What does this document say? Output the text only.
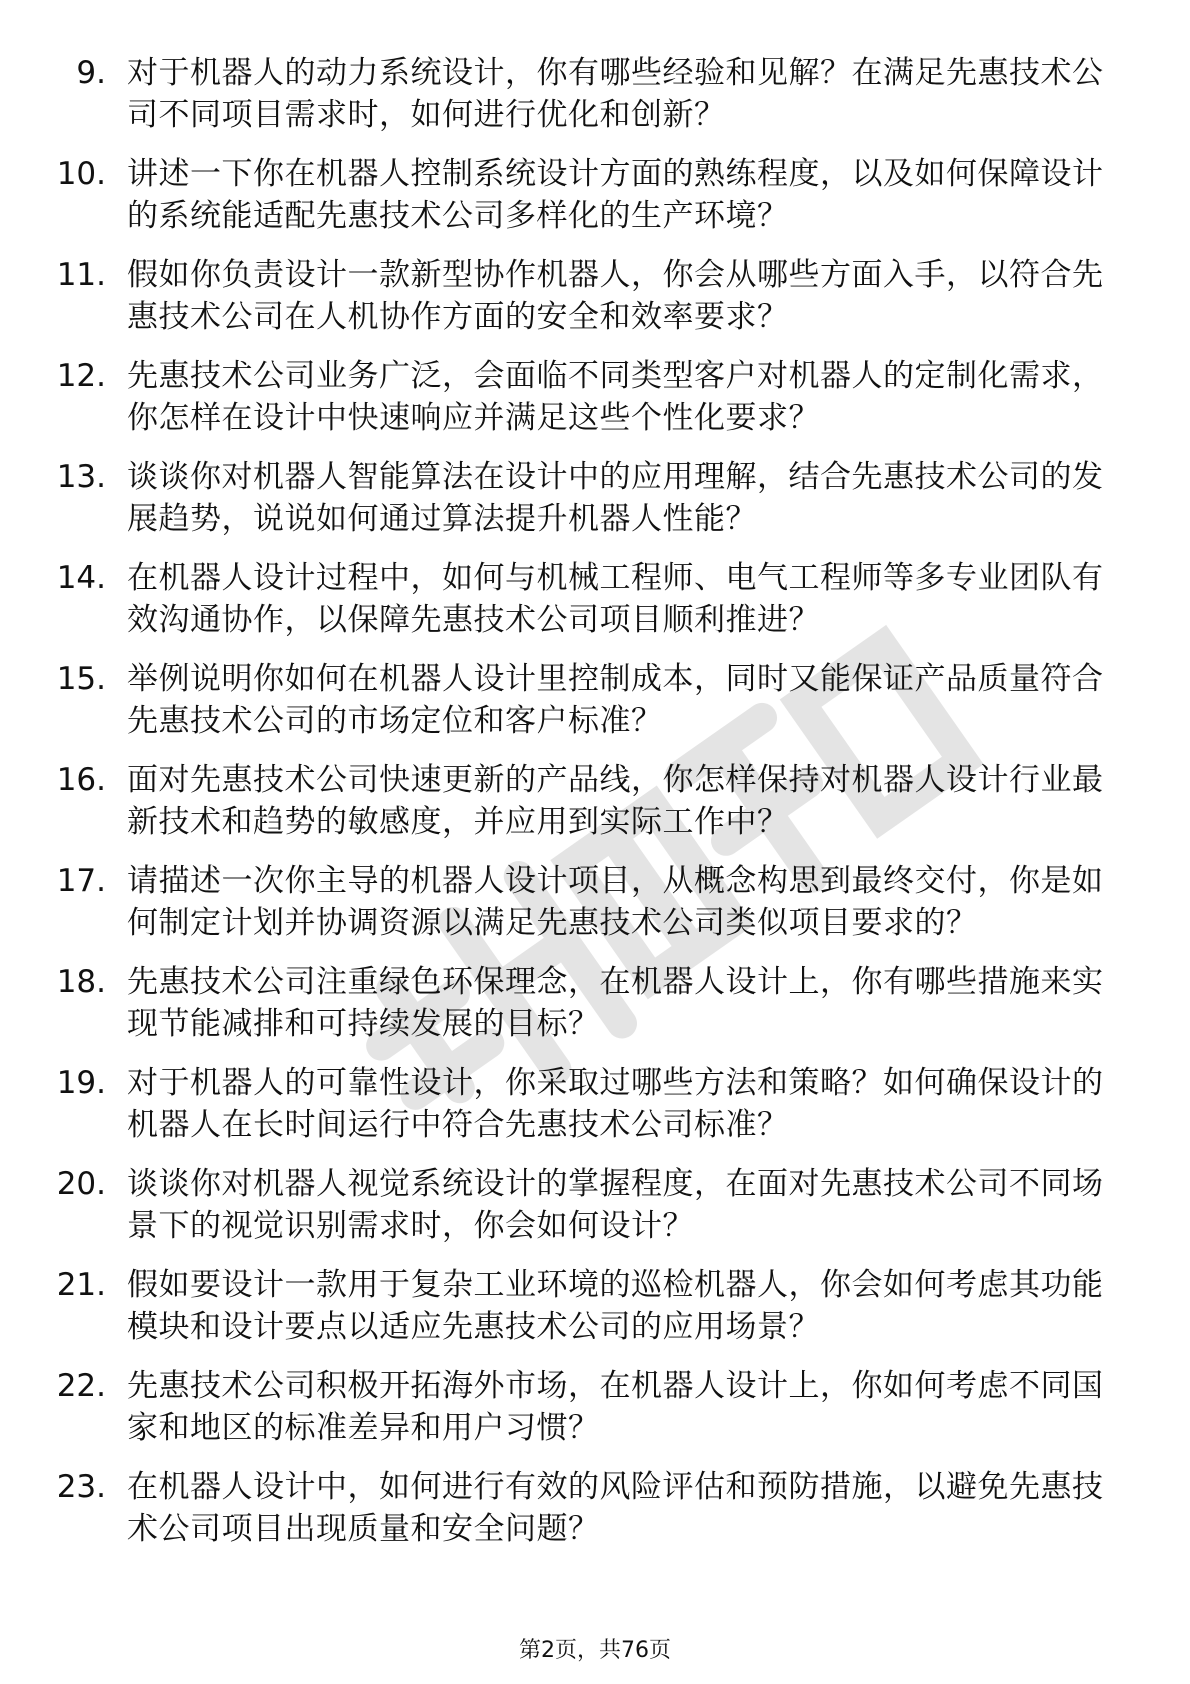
9. 对于机器人的动力系统设计，你有哪些经验和见解？在满足先惠技术公司不同项目需求时，如何进行优化和创新？
10. 讲述一下你在机器人控制系统设计方面的熟练程度，以及如何保障设计的系统能适配先惠技术公司多样化的生产环境？
11. 假如你负责设计一款新型协作机器人，你会从哪些方面入手，以符合先惠技术公司在人机协作方面的安全和效率要求？
12. 先惠技术公司业务广泛，会面临不同类型客户对机器人的定制化需求，你怎样在设计中快速响应并满足这些个性化要求？
13. 谈谈你对机器人智能算法在设计中的应用理解，结合先惠技术公司的发展趋势，说说如何通过算法提升机器人性能？
14. 在机器人设计过程中，如何与机械工程师、电气工程师等多专业团队有效沟通协作，以保障先惠技术公司项目顺利推进？
15. 举例说明你如何在机器人设计里控制成本，同时又能保证产品质量符合先惠技术公司的市场定位和客户标准？
16. 面对先惠技术公司快速更新的产品线，你怎样保持对机器人设计行业最新技术和趋势的敏感度，并应用到实际工作中？
17. 请描述一次你主导的机器人设计项目，从概念构思到最终交付，你是如何制定计划并协调资源以满足先惠技术公司类似项目要求的？
18. 先惠技术公司注重绿色环保理念，在机器人设计上，你有哪些措施来实现节能减排和可持续发展的目标？
19. 对于机器人的可靠性设计，你采取过哪些方法和策略？如何确保设计的机器人在长时间运行中符合先惠技术公司标准？
20. 谈谈你对机器人视觉系统设计的掌握程度，在面对先惠技术公司不同场景下的视觉识别需求时，你会如何设计？
21. 假如要设计一款用于复杂工业环境的巡检机器人，你会如何考虑其功能模块和设计要点以适应先惠技术公司的应用场景？
22. 先惠技术公司积极开拓海外市场，在机器人设计上，你如何考虑不同国家和地区的标准差异和用户习惯？
23. 在机器人设计中，如何进行有效的风险评估和预防措施，以避免先惠技术公司项目出现质量和安全问题？
第2页，共76页
